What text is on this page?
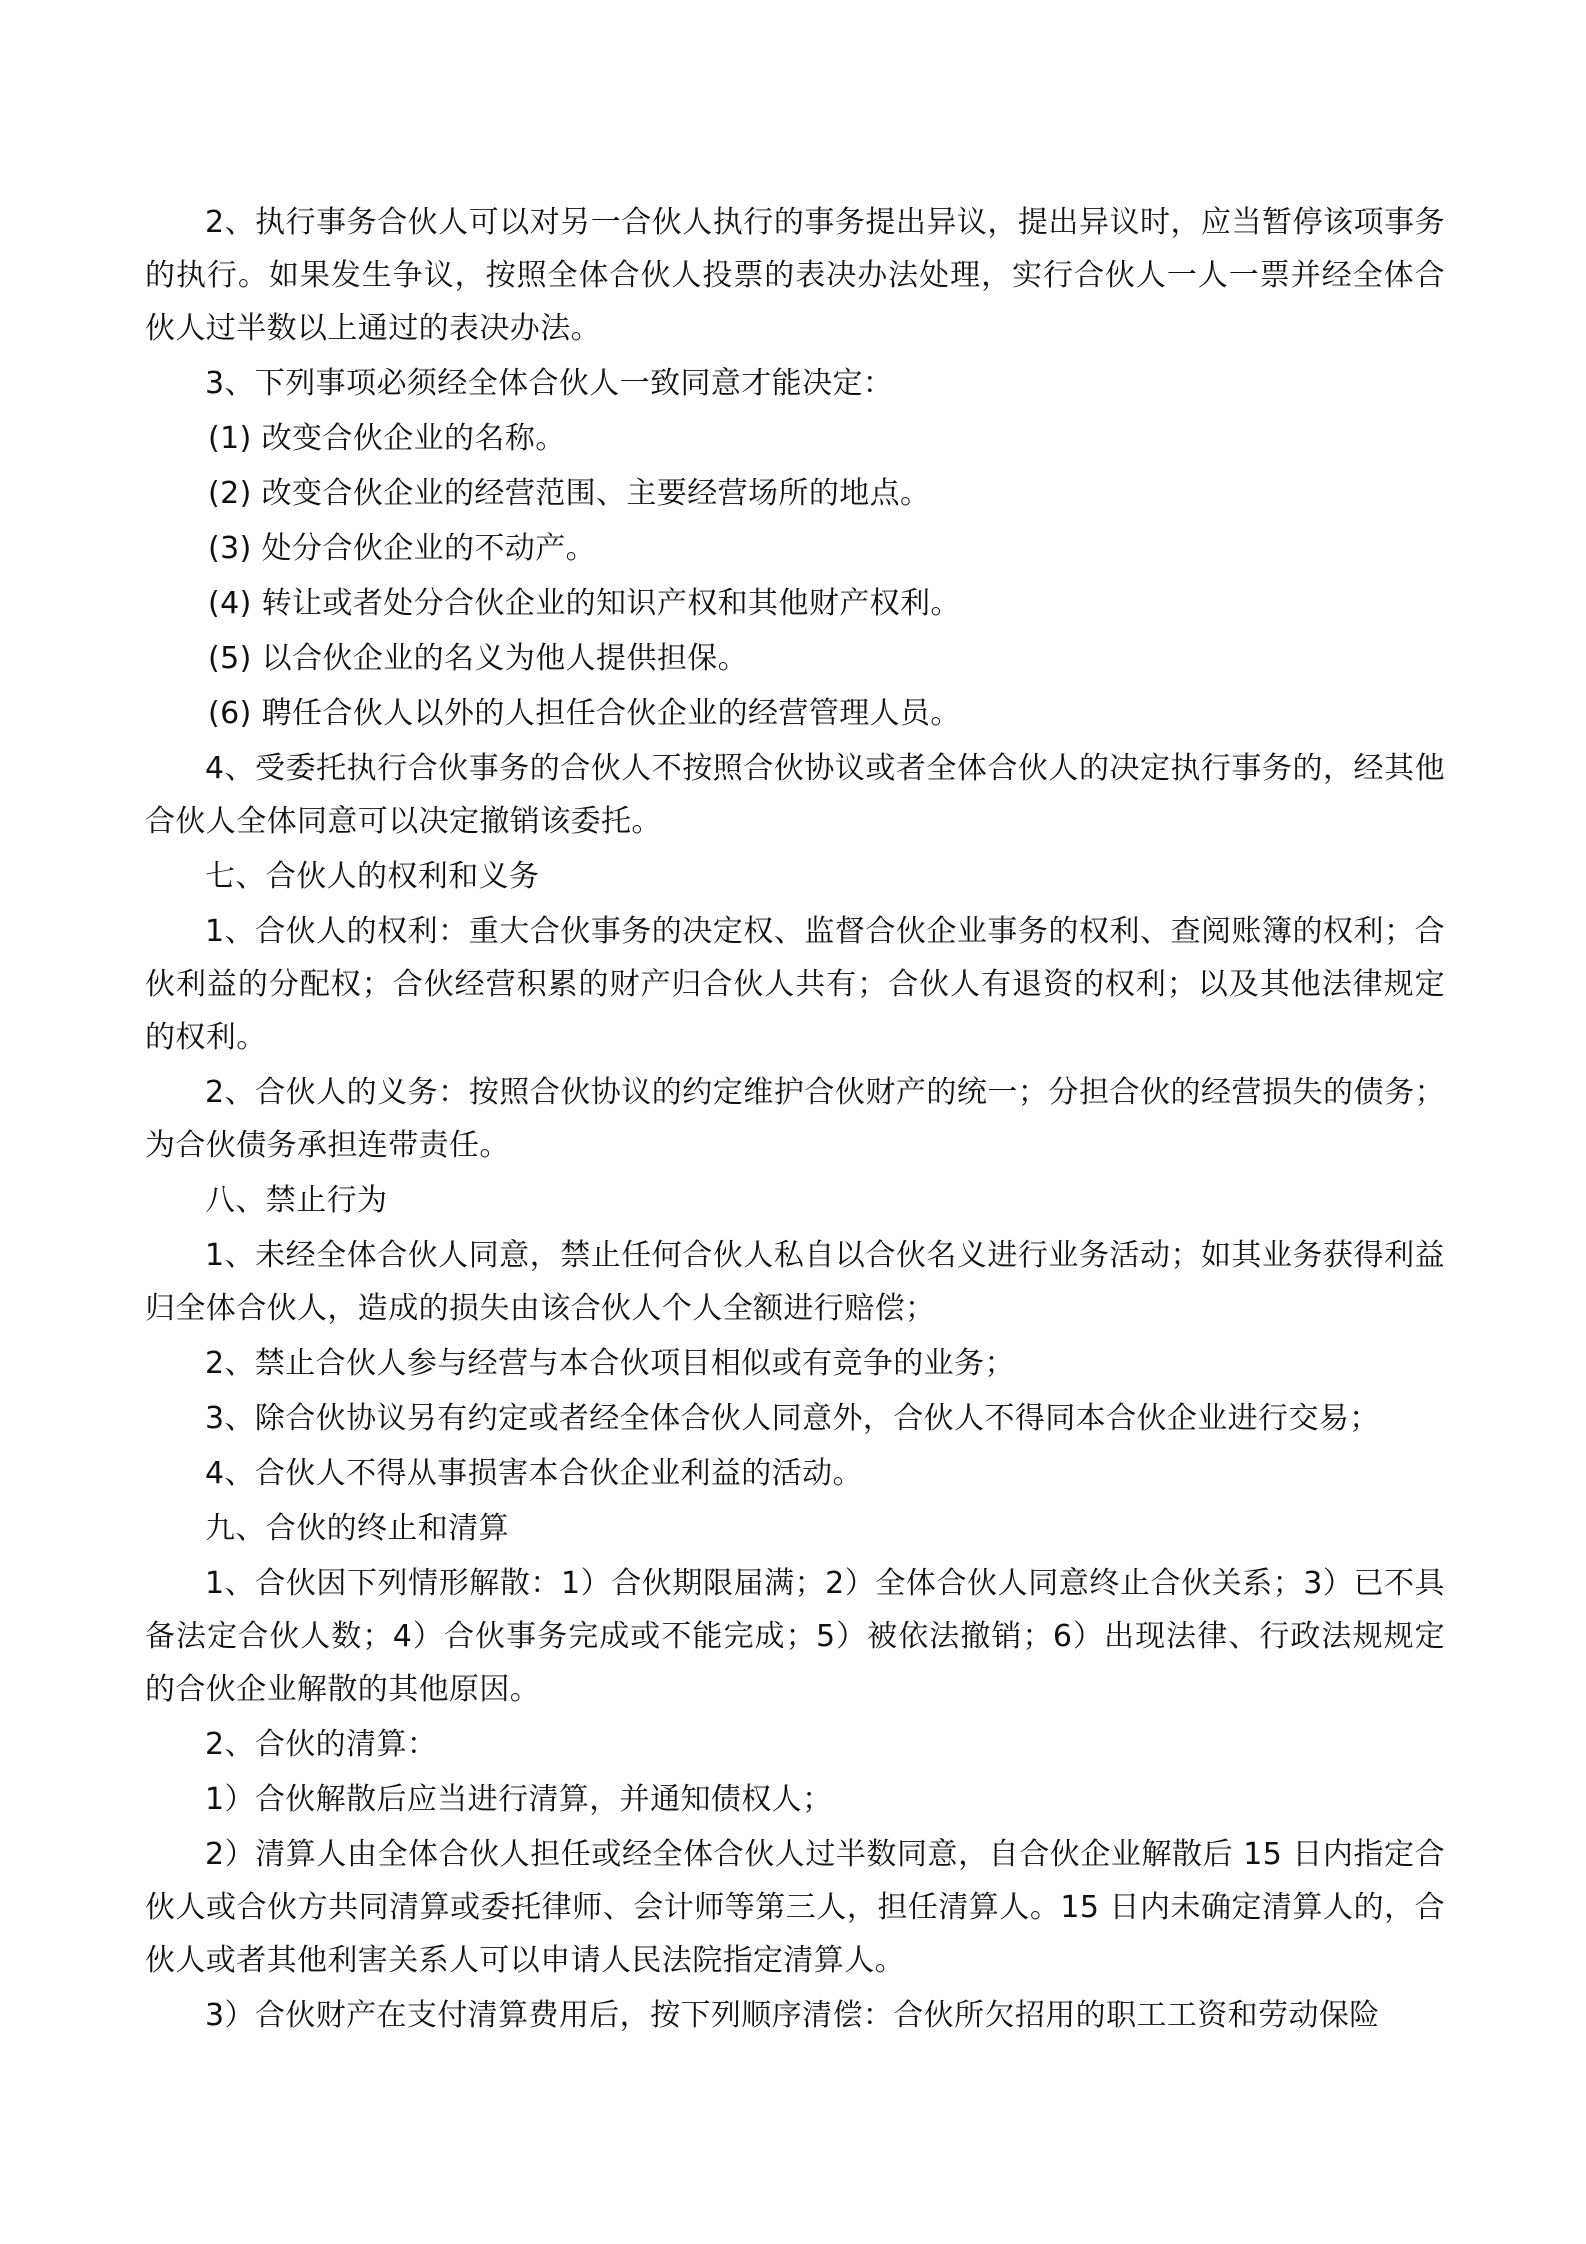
2、执行事务合伙人可以对另一合伙人执行的事务提出异议，提出异议时，应当暂停该项事务的执行。如果发生争议，按照全体合伙人投票的表决办法处理，实行合伙人一人一票并经全体合伙人过半数以上通过的表决办法。

3、下列事项必须经全体合伙人一致同意才能决定：

(1) 改变合伙企业的名称。

(2) 改变合伙企业的经营范围、主要经营场所的地点。

(3) 处分合伙企业的不动产。

(4) 转让或者处分合伙企业的知识产权和其他财产权利。

(5) 以合伙企业的名义为他人提供担保。

(6) 聘任合伙人以外的人担任合伙企业的经营管理人员。

4、受委托执行合伙事务的合伙人不按照合伙协议或者全体合伙人的决定执行事务的，经其他合伙人全体同意可以决定撤销该委托。

七、合伙人的权利和义务

1、合伙人的权利：重大合伙事务的决定权、监督合伙企业事务的权利、查阅账簿的权利；合伙利益的分配权；合伙经营积累的财产归合伙人共有；合伙人有退资的权利；以及其他法律规定的权利。

2、合伙人的义务：按照合伙协议的约定维护合伙财产的统一；分担合伙的经营损失的债务；为合伙债务承担连带责任。

八、禁止行为

1、未经全体合伙人同意，禁止任何合伙人私自以合伙名义进行业务活动；如其业务获得利益归全体合伙人，造成的损失由该合伙人个人全额进行赔偿；

2、禁止合伙人参与经营与本合伙项目相似或有竞争的业务；

3、除合伙协议另有约定或者经全体合伙人同意外，合伙人不得同本合伙企业进行交易；

4、合伙人不得从事损害本合伙企业利益的活动。

九、合伙的终止和清算

1、合伙因下列情形解散：1）合伙期限届满；2）全体合伙人同意终止合伙关系；3）已不具备法定合伙人数；4）合伙事务完成或不能完成；5）被依法撤销；6）出现法律、行政法规规定的合伙企业解散的其他原因。

2、合伙的清算：

1）合伙解散后应当进行清算，并通知债权人；

2）清算人由全体合伙人担任或经全体合伙人过半数同意，自合伙企业解散后 15 日内指定合伙人或合伙方共同清算或委托律师、会计师等第三人，担任清算人。15 日内未确定清算人的，合伙人或者其他利害关系人可以申请人民法院指定清算人。

3）合伙财产在支付清算费用后，按下列顺序清偿：合伙所欠招用的职工工资和劳动保险
